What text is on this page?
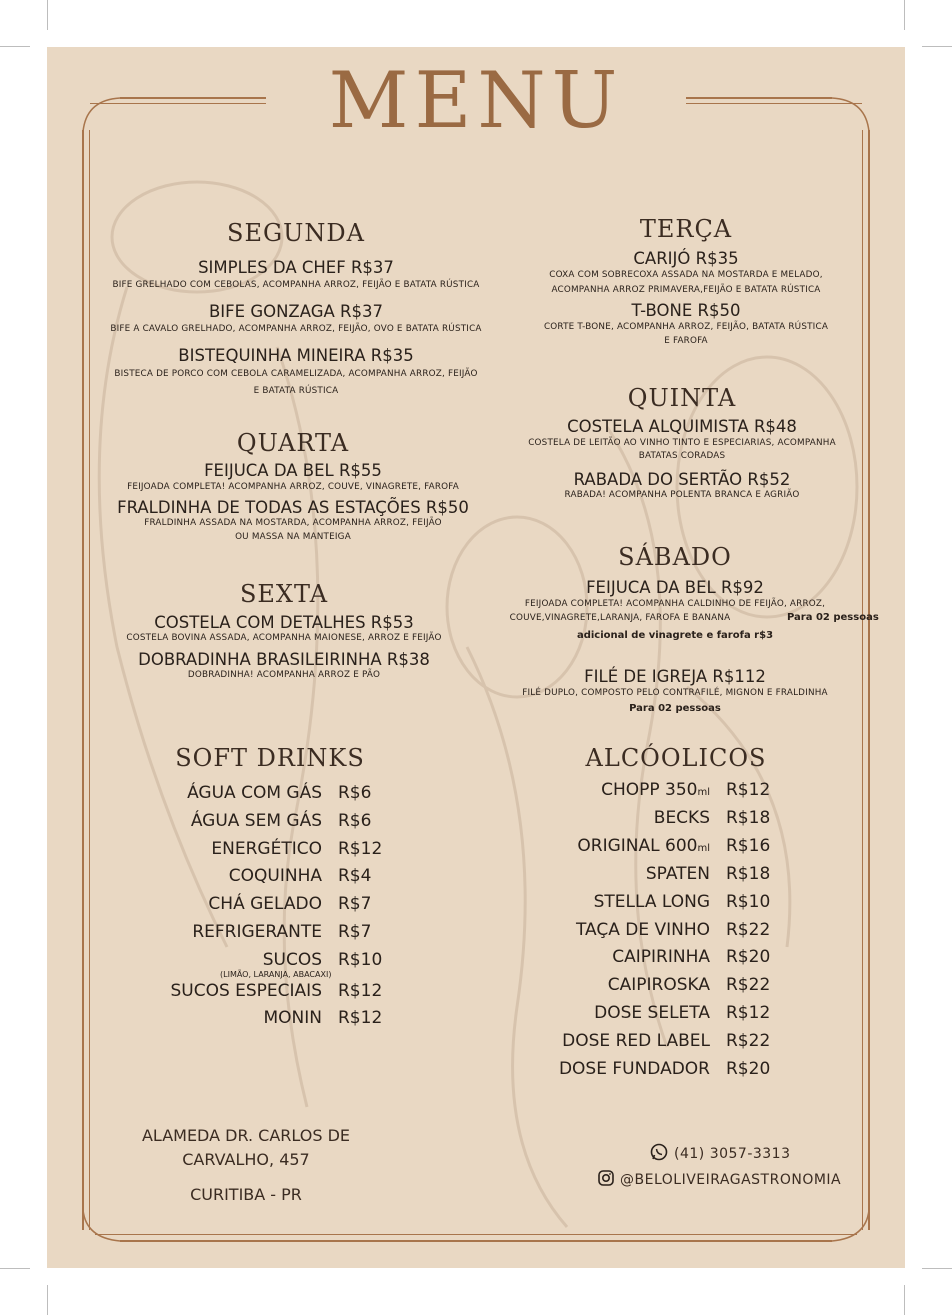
MENU
SEGUNDA
SIMPLES DA CHEF R$37
BIFE GRELHADO COM CEBOLAS, ACOMPANHA ARROZ, FEIJÃO E BATATA RÚSTICA
BIFE GONZAGA R$37
BIFE A CAVALO GRELHADO, ACOMPANHA ARROZ, FEIJÃO, OVO E BATATA RÚSTICA
BISTEQUINHA MINEIRA R$35
BISTECA DE PORCO COM CEBOLA CARAMELIZADA, ACOMPANHA ARROZ, FEIJÃO
E BATATA RÚSTICA
TERÇA
CARIJÓ R$35
COXA COM SOBRECOXA ASSADA NA MOSTARDA E MELADO,
ACOMPANHA ARROZ PRIMAVERA,FEIJÃO E BATATA RÚSTICA
T-BONE R$50
CORTE T-BONE, ACOMPANHA ARROZ, FEIJÃO, BATATA RÚSTICA
E FAROFA
QUARTA
FEIJUCA DA BEL R$55
FEIJOADA COMPLETA! ACOMPANHA ARROZ, COUVE, VINAGRETE, FAROFA
FRALDINHA DE TODAS AS ESTAÇÕES R$50
FRALDINHA ASSADA NA MOSTARDA, ACOMPANHA ARROZ, FEIJÃO
OU MASSA NA MANTEIGA
QUINTA
COSTELA ALQUIMISTA R$48
COSTELA DE LEITÃO AO VINHO TINTO E ESPECIARIAS, ACOMPANHA
BATATAS CORADAS
RABADA DO SERTÃO R$52
RABADA! ACOMPANHA POLENTA BRANCA E AGRIÃO
SEXTA
COSTELA COM DETALHES R$53
COSTELA BOVINA ASSADA, ACOMPANHA MAIONESE, ARROZ E FEIJÃO
DOBRADINHA BRASILEIRINHA R$38
DOBRADINHA! ACOMPANHA ARROZ E PÃO
SÁBADO
FEIJUCA DA BEL R$92
FEIJOADA COMPLETA! ACOMPANHA CALDINHO DE FEIJÃO, ARROZ,
COUVE,VINAGRETE,LARANJA, FAROFA E BANANA	Para 02 pessoas
adicional de vinagrete e farofa r$3
FILÉ DE IGREJA R$112
FILÉ DUPLO, COMPOSTO PELO CONTRAFILÉ, MIGNON E FRALDINHA
Para 02 pessoas
SOFT DRINKS
ÁGUA COM GÁS R$6
ÁGUA SEM GÁS R$6
ENERGÉTICO R$12
COQUINHA R$4
CHÁ GELADO R$7
REFRIGERANTE R$7
SUCOS R$10
(LIMÃO, LARANJA, ABACAXI)
SUCOS ESPECIAIS R$12
MONIN R$12
ALCÓOLICOS
CHOPP 350ml R$12
BECKS R$18
ORIGINAL 600ml R$16
SPATEN R$18
STELLA LONG R$10
TAÇA DE VINHO R$22
CAIPIRINHA R$20
CAIPIROSKA R$22
DOSE SELETA R$12
DOSE RED LABEL R$22
DOSE FUNDADOR R$20
ALAMEDA DR. CARLOS DE
CARVALHO, 457
CURITIBA - PR
(41) 3057-3313
@BELOLIVEIRAGASTRONOMIA
